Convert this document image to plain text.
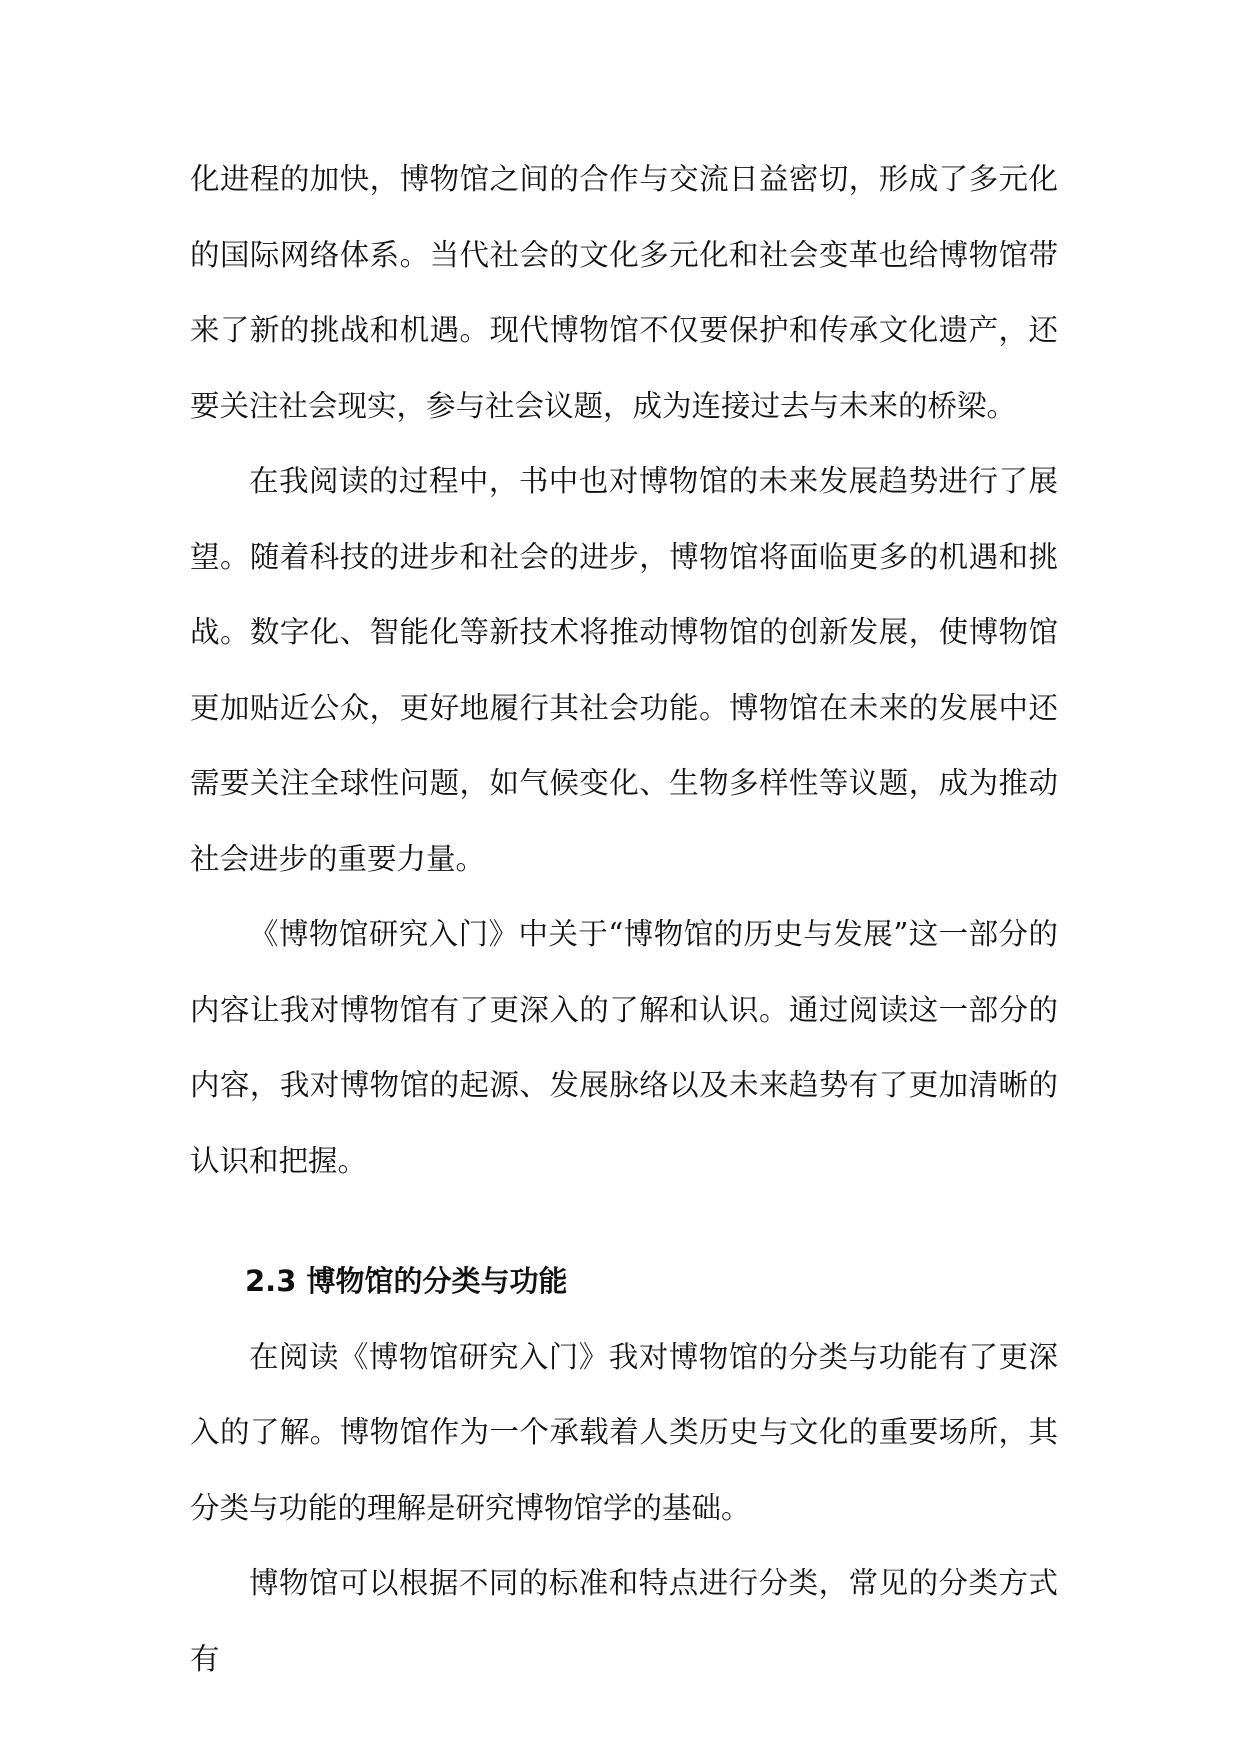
化进程的加快，博物馆之间的合作与交流日益密切，形成了多元化的国际网络体系。当代社会的文化多元化和社会变革也给博物馆带来了新的挑战和机遇。现代博物馆不仅要保护和传承文化遗产，还要关注社会现实，参与社会议题，成为连接过去与未来的桥梁。

在我阅读的过程中，书中也对博物馆的未来发展趋势进行了展望。随着科技的进步和社会的进步，博物馆将面临更多的机遇和挑战。数字化、智能化等新技术将推动博物馆的创新发展，使博物馆更加贴近公众，更好地履行其社会功能。博物馆在未来的发展中还需要关注全球性问题，如气候变化、生物多样性等议题，成为推动社会进步的重要力量。

《博物馆研究入门》中关于“博物馆的历史与发展”这一部分的内容让我对博物馆有了更深入的了解和认识。通过阅读这一部分的内容，我对博物馆的起源、发展脉络以及未来趋势有了更加清晰的认识和把握。

2.3 博物馆的分类与功能

在阅读《博物馆研究入门》我对博物馆的分类与功能有了更深入的了解。博物馆作为一个承载着人类历史与文化的重要场所，其分类与功能的理解是研究博物馆学的基础。

博物馆可以根据不同的标准和特点进行分类，常见的分类方式有
